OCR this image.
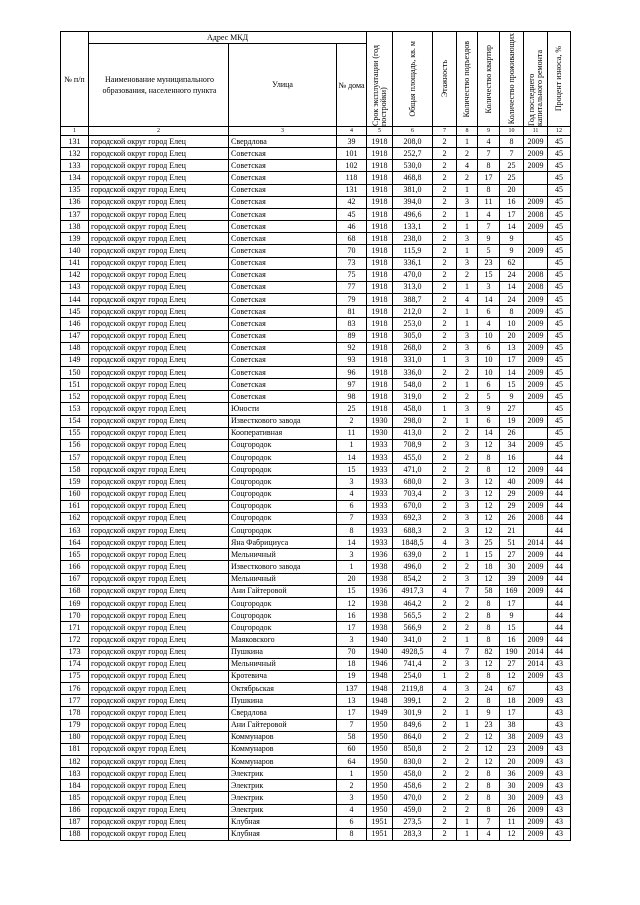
№ п/п	Адрес МКД			Срок эксплуатации (год постройки)	Общая площадь, кв. м	Этажность	Количество подъездов	Количество квартир	Количество проживающих	Год последнего капитального ремонта	Процент износа, %

	Наименование муниципального образования, населенного пункта	Улица	№ дома								
1	2	3	4	5	6	7	8	9	10	11	12
131	городской округ город Елец	Свердлова	39	1918	208,0	2	1	4	8	2009	45
132	городской округ город Елец	Советская	101	1918	252,7	2	2	7	7	2009	45
133	городской округ город Елец	Советская	102	1918	530,0	2	4	8	25	2009	45
134	городской округ город Елец	Советская	118	1918	468,8	2	2	17	25		45
135	городской округ город Елец	Советская	131	1918	381,0	2	1	8	20		45
136	городской округ город Елец	Советская	42	1918	394,0	2	3	11	16	2009	45
137	городской округ город Елец	Советская	45	1918	496,6	2	1	4	17	2008	45
138	городской округ город Елец	Советская	46	1918	133,1	2	1	7	14	2009	45
139	городской округ город Елец	Советская	68	1918	238,0	2	3	9	9		45
140	городской округ город Елец	Советская	70	1918	115,9	2	1	5	9	2009	45
141	городской округ город Елец	Советская	73	1918	336,1	2	3	23	62		45
142	городской округ город Елец	Советская	75	1918	470,0	2	2	15	24	2008	45
143	городской округ город Елец	Советская	77	1918	313,0	2	1	3	14	2008	45
144	городской округ город Елец	Советская	79	1918	388,7	2	4	14	24	2009	45
145	городской округ город Елец	Советская	81	1918	212,0	2	1	6	8	2009	45
146	городской округ город Елец	Советская	83	1918	253,0	2	1	4	10	2009	45
147	городской округ город Елец	Советская	89	1918	305,0	2	3	10	20	2009	45
148	городской округ город Елец	Советская	92	1918	268,0	2	3	6	13	2009	45
149	городской округ город Елец	Советская	93	1918	331,0	1	3	10	17	2009	45
150	городской округ город Елец	Советская	96	1918	336,0	2	2	10	14	2009	45
151	городской округ город Елец	Советская	97	1918	548,0	2	1	6	15	2009	45
152	городской округ город Елец	Советская	98	1918	319,0	2	2	5	9	2009	45
153	городской округ город Елец	Юности	25	1918	458,0	1	3	9	27		45
154	городской округ город Елец	Известкового завода	2	1930	298,0	2	1	6	19	2009	45
155	городской округ город Елец	Кооперативная	11	1930	413,0	2	2	14	26		45
156	городской округ город Елец	Соцгородок	1	1933	708,9	2	3	12	34	2009	45
157	городской округ город Елец	Соцгородок	14	1933	455,0	2	2	8	16		44
158	городской округ город Елец	Соцгородок	15	1933	471,0	2	2	8	12	2009	44
159	городской округ город Елец	Соцгородок	3	1933	680,0	2	3	12	40	2009	44
160	городской округ город Елец	Соцгородок	4	1933	703,4	2	3	12	29	2009	44
161	городской округ город Елец	Соцгородок	6	1933	670,0	2	3	12	29	2009	44
162	городской округ город Елец	Соцгородок	7	1933	692,3	2	3	12	26	2008	44
163	городской округ город Елец	Соцгородок	8	1933	688,3	2	3	12	21		44
164	городской округ город Елец	Яна Фабрициуса	14	1933	1848,5	4	3	25	51	2014	44
165	городской округ город Елец	Мельничный	3	1936	639,0	2	1	15	27	2009	44
166	городской округ город Елец	Известкового завода	1	1938	496,0	2	2	18	30	2009	44
167	городской округ город Елец	Мельничный	20	1938	854,2	2	3	12	39	2009	44
168	городской округ город Елец	Ани Гайтеровой	15	1936	4917,3	4	7	58	169	2009	44
169	городской округ город Елец	Соцгородок	12	1938	464,2	2	2	8	17		44
170	городской округ город Елец	Соцгородок	16	1938	565,5	2	2	8	9		44
171	городской округ город Елец	Соцгородок	17	1938	566,9	2	2	8	15		44
172	городской округ город Елец	Маяковского	3	1940	341,0	2	1	8	16	2009	44
173	городской округ город Елец	Пушкина	70	1940	4928,5	4	7	82	190	2014	44
174	городской округ город Елец	Мельничный	18	1946	741,4	2	3	12	27	2014	43
175	городской округ город Елец	Кротевича	19	1948	254,0	1	2	8	12	2009	43
176	городской округ город Елец	Октябрьская	137	1948	2119,8	4	3	24	67		43
177	городской округ город Елец	Пушкина	13	1948	399,1	2	2	8	18	2009	43
178	городской округ город Елец	Свердлова	17	1949	301,9	2	1	9	17		43
179	городской округ город Елец	Ани Гайтеровой	7	1950	849,6	2	1	23	38		43
180	городской округ город Елец	Коммунаров	58	1950	864,0	2	2	12	38	2009	43
181	городской округ город Елец	Коммунаров	60	1950	850,8	2	2	12	23	2009	43
182	городской округ город Елец	Коммунаров	64	1950	830,0	2	2	12	20	2009	43
183	городской округ город Елец	Электрик	1	1950	458,0	2	2	8	36	2009	43
184	городской округ город Елец	Электрик	2	1950	458,6	2	2	8	30	2009	43
185	городской округ город Елец	Электрик	3	1950	470,0	2	2	8	30	2009	43
186	городской округ город Елец	Электрик	4	1950	459,0	2	2	8	26	2009	43
187	городской округ город Елец	Клубная	6	1951	273,5	2	1	7	11	2009	43
188	городской округ город Елец	Клубная	8	1951	283,3	2	1	4	12	2009	43
